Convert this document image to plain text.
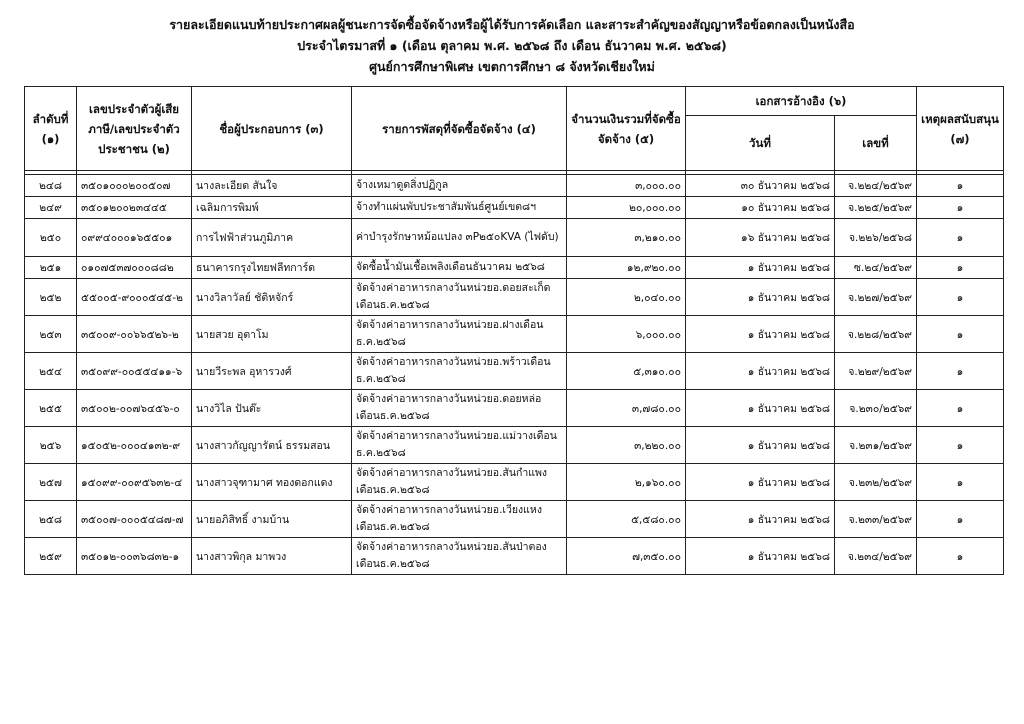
รายละเอียดแนบท้ายประกาศผลผู้ชนะการจัดซื้อจัดจ้างหรือผู้ได้รับการคัดเลือก และสาระสำคัญของสัญญาหรือข้อตกลงเป็นหนังสือ
ประจำไตรมาสที่ ๑ (เดือน ตุลาคม พ.ศ. ๒๕๖๘ ถึง เดือน ธันวาคม พ.ศ. ๒๕๖๘)
ศูนย์การศึกษาพิเศษ เขตการศึกษา ๘ จังหวัดเชียงใหม่
ลำดับที่ (๑)	เลขประจำตัวผู้เสียภาษี/เลขประจำตัวประชาชน (๒)	ชื่อผู้ประกอบการ (๓)	รายการพัสดุที่จัดซื้อจัดจ้าง (๔)	จำนวนเงินรวมที่จัดซื้อจัดจ้าง (๕)	เอกสารอ้างอิง (๖)		เหตุผลสนับสนุน (๗)
					วันที่	เลขที่	

๒๔๘	๓๕๐๑๐๐๐๒๐๐๕๐๗	นางละเอียด สันใจ	จ้างเหมาดูดสิ่งปฏิกูล	๓,๐๐๐.๐๐	๓๐ ธันวาคม ๒๕๖๘	จ.๒๒๔/๒๕๖๙	๑
๒๔๙	๓๕๐๑๒๐๐๒๓๔๔๕	เฉลิมการพิมพ์	จ้างทำแผ่นพับประชาสัมพันธ์ศูนย์เขต๘ฯ	๒๐,๐๐๐.๐๐	๑๐ ธันวาคม ๒๕๖๘	จ.๒๒๕/๒๕๖๙	๑
๒๕๐	๐๙๙๔๐๐๐๑๖๕๕๐๑	การไฟฟ้าส่วนภูมิภาค	ค่าบำรุงรักษาหม้อแปลง ๓P๒๕๐KVA (ไฟดับ)	๓,๒๑๐.๐๐	๑๖ ธันวาคม ๒๕๖๘	จ.๒๒๖/๒๕๖๘	๑
๒๕๑	๐๑๐๗๕๓๗๐๐๐๘๘๒	ธนาคารกรุงไทยฟลีทการ์ด	จัดซื้อน้ำมันเชื้อเพลิงเดือนธันวาคม ๒๕๖๘	๑๒,๙๒๐.๐๐	๑ ธันวาคม ๒๕๖๘	ซ.๒๔/๒๕๖๙	๑
๒๕๒	๕๕๐๐๕-๙๐๐๐๕๔๕-๒	นางวิลาวัลย์ ชัติหจักร์	จัดจ้างค่าอาหารกลางวันหน่วยอ.ดอยสะเก็ดเดือนธ.ค.๒๕๖๘	๒,๐๔๐.๐๐	๑ ธันวาคม ๒๕๖๘	จ.๒๒๗/๒๕๖๙	๑
๒๕๓	๓๕๐๐๙-๐๐๖๖๕๒๖-๒	นายสวย อุตาโม	จัดจ้างค่าอาหารกลางวันหน่วยอ.ฝางเดือนธ.ค.๒๕๖๘	๖,๐๐๐.๐๐	๑ ธันวาคม ๒๕๖๘	จ.๒๒๘/๒๕๖๙	๑
๒๕๔	๓๕๐๙๙-๐๐๕๕๔๑๑-๖	นายวีระพล อุหารวงศ์	จัดจ้างค่าอาหารกลางวันหน่วยอ.พร้าวเดือนธ.ค.๒๕๖๘	๕,๓๑๐.๐๐	๑ ธันวาคม ๒๕๖๘	จ.๒๒๙/๒๕๖๙	๑
๒๕๕	๓๕๐๐๒-๐๐๗๖๔๕๖-๐	นางวิไล ปันต๊ะ	จัดจ้างค่าอาหารกลางวันหน่วยอ.ดอยหล่อเดือนธ.ค.๒๕๖๘	๓,๗๘๐.๐๐	๑ ธันวาคม ๒๕๖๘	จ.๒๓๐/๒๕๖๙	๑
๒๕๖	๑๕๐๕๒-๐๐๐๔๑๓๒-๙	นางสาวกัญญารัตน์ ธรรมสอน	จัดจ้างค่าอาหารกลางวันหน่วยอ.แม่วางเดือนธ.ค.๒๕๖๘	๓,๒๒๐.๐๐	๑ ธันวาคม ๒๕๖๘	จ.๒๓๑/๒๕๖๙	๑
๒๕๗	๑๕๐๙๙-๐๐๙๕๖๓๒-๔	นางสาวจุฑามาศ ทองดอกแดง	จัดจ้างค่าอาหารกลางวันหน่วยอ.สันกำแพงเดือนธ.ค.๒๕๖๘	๒,๑๖๐.๐๐	๑ ธันวาคม ๒๕๖๘	จ.๒๓๒/๒๕๖๙	๑
๒๕๘	๓๕๐๐๗-๐๐๐๕๔๘๗-๗	นายอภิสิทธิ์ งามบ้าน	จัดจ้างค่าอาหารกลางวันหน่วยอ.เวียงแหงเดือนธ.ค.๒๕๖๘	๕,๕๘๐.๐๐	๑ ธันวาคม ๒๕๖๘	จ.๒๓๓/๒๕๖๙	๑
๒๕๙	๓๕๐๑๒-๐๐๓๖๘๓๒-๑	นางสาวพิกุล มาพวง	จัดจ้างค่าอาหารกลางวันหน่วยอ.สันป่าตองเดือนธ.ค.๒๕๖๘	๗,๓๕๐.๐๐	๑ ธันวาคม ๒๕๖๘	จ.๒๓๔/๒๕๖๙	๑
